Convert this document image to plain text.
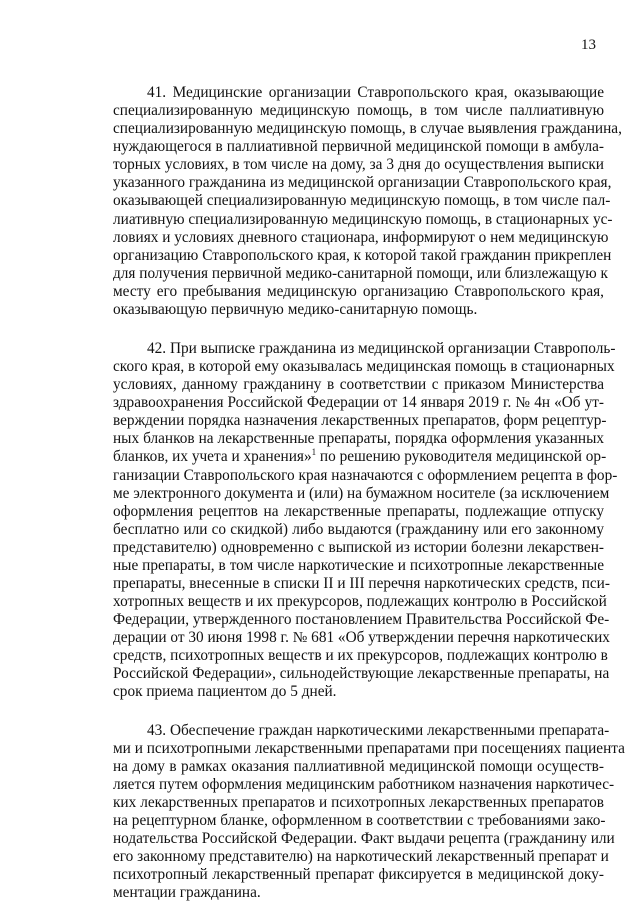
13
41. Медицинские организации Ставропольского края, оказывающие
специализированную медицинскую помощь, в том числе паллиативную
специализированную медицинскую помощь, в случае выявления гражданина,
нуждающегося в паллиативной первичной медицинской помощи в амбула-
торных условиях, в том числе на дому, за 3 дня до осуществления выписки
указанного гражданина из медицинской организации Ставропольского края,
оказывающей специализированную медицинскую помощь, в том числе пал-
лиативную специализированную медицинскую помощь, в стационарных ус-
ловиях и условиях дневного стационара, информируют о нем медицинскую
организацию Ставропольского края, к которой такой гражданин прикреплен
для получения первичной медико-санитарной помощи, или близлежащую к
месту его пребывания медицинскую организацию Ставропольского края,
оказывающую первичную медико-санитарную помощь.
42. При выписке гражданина из медицинской организации Ставрополь-
ского края, в которой ему оказывалась медицинская помощь в стационарных
условиях, данному гражданину в соответствии с приказом Министерства
здравоохранения Российской Федерации от 14 января 2019 г. № 4н «Об ут-
верждении порядка назначения лекарственных препаратов, форм рецептур-
ных бланков на лекарственные препараты, порядка оформления указанных
бланков, их учета и хранения»$^1$ по решению руководителя медицинской ор-
ганизации Ставропольского края назначаются с оформлением рецепта в фор-
ме электронного документа и (или) на бумажном носителе (за исключением
оформления рецептов на лекарственные препараты, подлежащие отпуску
бесплатно или со скидкой) либо выдаются (гражданину или его законному
представителю) одновременно с выпиской из истории болезни лекарствен-
ные препараты, в том числе наркотические и психотропные лекарственные
препараты, внесенные в списки II и III перечня наркотических средств, пси-
хотропных веществ и их прекурсоров, подлежащих контролю в Российской
Федерации, утвержденного постановлением Правительства Российской Фе-
дерации от 30 июня 1998 г. № 681 «Об утверждении перечня наркотических
средств, психотропных веществ и их прекурсоров, подлежащих контролю в
Российской Федерации», сильнодействующие лекарственные препараты, на
срок приема пациентом до 5 дней.
43. Обеспечение граждан наркотическими лекарственными препарата-
ми и психотропными лекарственными препаратами при посещениях пациента
на дому в рамках оказания паллиативной медицинской помощи осуществ-
ляется путем оформления медицинским работником назначения наркотичес-
ких лекарственных препаратов и психотропных лекарственных препаратов
на рецептурном бланке, оформленном в соответствии с требованиями зако-
нодательства Российской Федерации. Факт выдачи рецепта (гражданину или
его законному представителю) на наркотический лекарственный препарат и
психотропный лекарственный препарат фиксируется в медицинской доку-
ментации гражданина.
